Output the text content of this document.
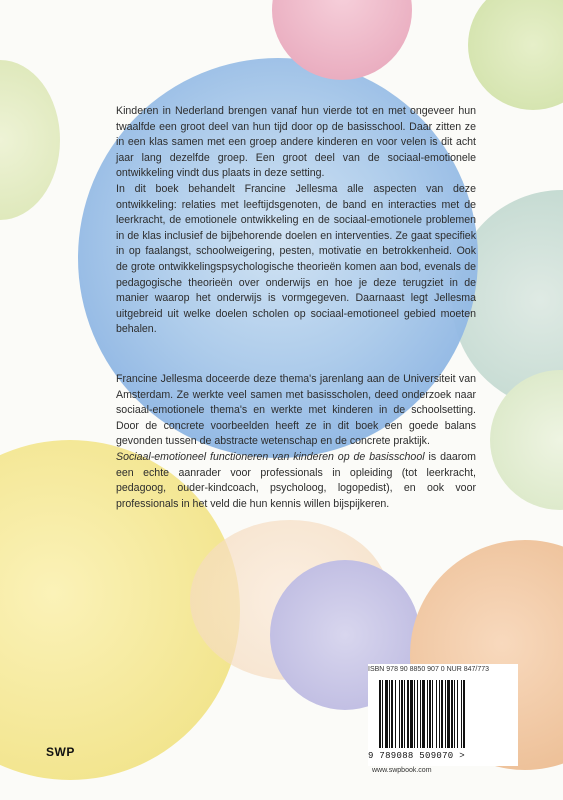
Kinderen in Nederland brengen vanaf hun vierde tot en met ongeveer hun twaalfde een groot deel van hun tijd door op de basisschool. Daar zitten ze in een klas samen met een groep andere kinderen en voor velen is dit acht jaar lang dezelfde groep. Een groot deel van de sociaal-emotionele ontwikkeling vindt dus plaats in deze setting.

In dit boek behandelt Francine Jellesma alle aspecten van deze ontwikkeling: relaties met leeftijdsgenoten, de band en interacties met de leerkracht, de emotionele ontwikkeling en de sociaal-emotionele problemen in de klas inclusief de bijbehorende doelen en interventies. Ze gaat specifiek in op faalangst, schoolweigering, pesten, motivatie en betrokkenheid. Ook de grote ontwikkelingspsychologische theorieën komen aan bod, evenals de pedagogische theorieën over onderwijs en hoe je deze terugziet in de manier waarop het onderwijs is vormgegeven. Daarnaast legt Jellesma uitgebreid uit welke doelen scholen op sociaal-emotioneel gebied moeten behalen.

Francine Jellesma doceerde deze thema's jarenlang aan de Universiteit van Amsterdam. Ze werkte veel samen met basisscholen, deed onderzoek naar sociaal-emotionele thema's en werkte met kinderen in de schoolsetting. Door de concrete voorbeelden heeft ze in dit boek een goede balans gevonden tussen de abstracte wetenschap en de concrete praktijk.

Sociaal-emotioneel functioneren van kinderen op de basisschool is daarom een echte aanrader voor professionals in opleiding (tot leerkracht, pedagoog, ouder-kindcoach, psycholoog, logopedist), en ook voor professionals in het veld die hun kennis willen bijspijkeren.

ISBN 978 90 8850 907 0 NUR 847/773
9 789088 509070 >
www.swpbook.com
SWP
